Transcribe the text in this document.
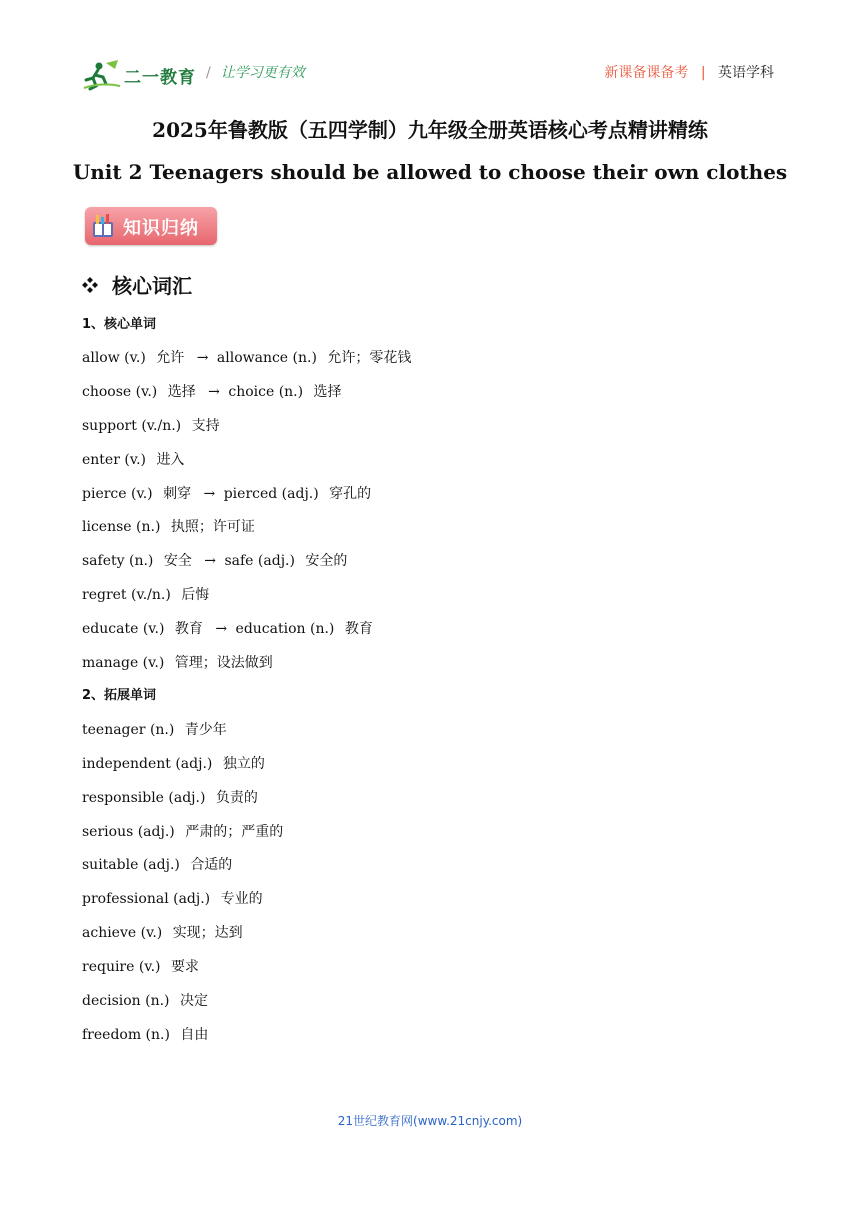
二一教育 / 让学习更有效	新课备课备考 | 英语学科
2025年鲁教版（五四学制）九年级全册英语核心考点精讲精练
Unit 2 Teenagers should be allowed to choose their own clothes
知识归纳
核心词汇
1、核心单词
allow (v.) 允许 → allowance (n.) 允许；零花钱
choose (v.) 选择 → choice (n.) 选择
support (v./n.) 支持
enter (v.) 进入
pierce (v.) 刺穿 → pierced (adj.) 穿孔的
license (n.) 执照；许可证
safety (n.) 安全 → safe (adj.) 安全的
regret (v./n.) 后悔
educate (v.) 教育 → education (n.) 教育
manage (v.) 管理；设法做到
2、拓展单词
teenager (n.) 青少年
independent (adj.) 独立的
responsible (adj.) 负责的
serious (adj.) 严肃的；严重的
suitable (adj.) 合适的
professional (adj.) 专业的
achieve (v.) 实现；达到
require (v.) 要求
decision (n.) 决定
freedom (n.) 自由
21世纪教育网(www.21cnjy.com)
